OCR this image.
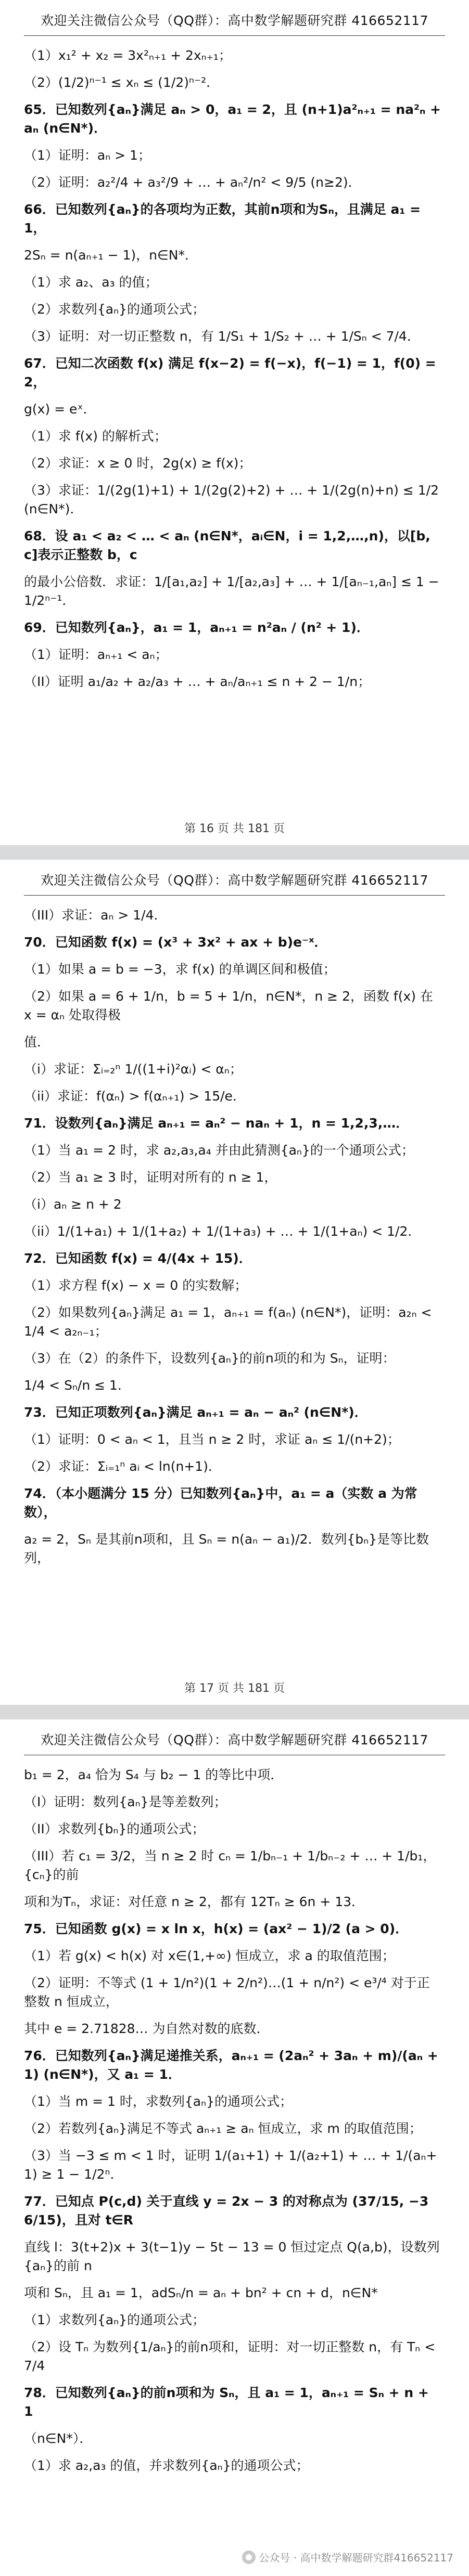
欢迎关注微信公众号（QQ群）：高中数学解题研究群 416652117
（1）x₁² + x₂ = 3x²ₙ₊₁ + 2xₙ₊₁；
（2）(1/2)ⁿ⁻¹ ≤ xₙ ≤ (1/2)ⁿ⁻²．
65．已知数列{aₙ}满足 aₙ > 0，a₁ = 2，且 (n+1)a²ₙ₊₁ = na²ₙ + aₙ (n∈N*)．
（1）证明：aₙ > 1；
（2）证明：a₂²/4 + a₃²/9 + … + aₙ²/n² < 9/5 (n≥2)．
66．已知数列{aₙ}的各项均为正数，其前n项和为Sₙ，且满足 a₁ = 1，
2Sₙ = n(aₙ₊₁ − 1)，n∈N*．
（1）求 a₂、a₃ 的值；
（2）求数列{aₙ}的通项公式；
（3）证明：对一切正整数 n，有 1/S₁ + 1/S₂ + … + 1/Sₙ < 7/4．
67．已知二次函数 f(x) 满足 f(x−2) = f(−x)，f(−1) = 1，f(0) = 2，
g(x) = eˣ．
（1）求 f(x) 的解析式；
（2）求证：x ≥ 0 时，2g(x) ≥ f(x)；
（3）求证：1/(2g(1)+1) + 1/(2g(2)+2) + … + 1/(2g(n)+n) ≤ 1/2 (n∈N*)．
68．设 a₁ < a₂ < … < aₙ (n∈N*，aᵢ∈N，i = 1,2,…,n)，以[b,c]表示正整数 b，c
的最小公倍数．求证：1/[a₁,a₂] + 1/[a₂,a₃] + … + 1/[aₙ₋₁,aₙ] ≤ 1 − 1/2ⁿ⁻¹．
69．已知数列{aₙ}，a₁ = 1，aₙ₊₁ = n²aₙ / (n² + 1)．
（1）证明：aₙ₊₁ < aₙ；
（II）证明 a₁/a₂ + a₂/a₃ + … + aₙ/aₙ₊₁ ≤ n + 2 − 1/n；
第 16 页 共 181 页
欢迎关注微信公众号（QQ群）：高中数学解题研究群 416652117
（III）求证：aₙ > 1/4．
70．已知函数 f(x) = (x³ + 3x² + ax + b)e⁻ˣ．
（1）如果 a = b = −3，求 f(x) 的单调区间和极值；
（2）如果 a = 6 + 1/n，b = 5 + 1/n，n∈N*，n ≥ 2，函数 f(x) 在 x = αₙ 处取得极
值．
（i）求证：Σᵢ₌₂ⁿ 1/((1+i)²αᵢ) < αₙ；
（ii）求证：f(αₙ) > f(αₙ₊₁) > 15/e．
71．设数列{aₙ}满足 aₙ₊₁ = aₙ² − naₙ + 1，n = 1,2,3,…．
（1）当 a₁ = 2 时，求 a₂,a₃,a₄ 并由此猜测{aₙ}的一个通项公式；
（2）当 a₁ ≥ 3 时，证明对所有的 n ≥ 1，
（i）aₙ ≥ n + 2
（ii）1/(1+a₁) + 1/(1+a₂) + 1/(1+a₃) + … + 1/(1+aₙ) < 1/2．
72．已知函数 f(x) = 4/(4x + 15)．
（1）求方程 f(x) − x = 0 的实数解；
（2）如果数列{aₙ}满足 a₁ = 1，aₙ₊₁ = f(aₙ) (n∈N*)，证明：a₂ₙ < 1/4 < a₂ₙ₋₁；
（3）在（2）的条件下，设数列{aₙ}的前n项的和为 Sₙ，证明：
1/4 < Sₙ/n ≤ 1．
73．已知正项数列{aₙ}满足 aₙ₊₁ = aₙ − aₙ² (n∈N*)．
（1）证明：0 < aₙ < 1，且当 n ≥ 2 时，求证 aₙ ≤ 1/(n+2)；
（2）求证：Σᵢ₌₁ⁿ aᵢ < ln(n+1)．
74．（本小题满分 15 分）已知数列{aₙ}中，a₁ = a（实数 a 为常数），
a₂ = 2，Sₙ 是其前n项和，且 Sₙ = n(aₙ − a₁)/2．数列{bₙ}是等比数列，
第 17 页 共 181 页
欢迎关注微信公众号（QQ群）：高中数学解题研究群 416652117
b₁ = 2，a₄ 恰为 S₄ 与 b₂ − 1 的等比中项．
（I）证明：数列{aₙ}是等差数列；
（II）求数列{bₙ}的通项公式；
（III）若 c₁ = 3/2，当 n ≥ 2 时 cₙ = 1/bₙ₋₁ + 1/bₙ₋₂ + … + 1/b₁，{cₙ}的前
项和为Tₙ，求证：对任意 n ≥ 2，都有 12Tₙ ≥ 6n + 13．
75．已知函数 g(x) = x ln x，h(x) = (ax² − 1)/2 (a > 0)．
（1）若 g(x) < h(x) 对 x∈(1,+∞) 恒成立，求 a 的取值范围；
（2）证明：不等式 (1 + 1/n²)(1 + 2/n²)…(1 + n/n²) < e³/⁴ 对于正整数 n 恒成立，
其中 e = 2.71828… 为自然对数的底数．
76．已知数列{aₙ}满足递推关系，aₙ₊₁ = (2aₙ² + 3aₙ + m)/(aₙ + 1) (n∈N*)，又 a₁ = 1．
（1）当 m = 1 时，求数列{aₙ}的通项公式；
（2）若数列{aₙ}满足不等式 aₙ₊₁ ≥ aₙ 恒成立，求 m 的取值范围；
（3）当 −3 ≤ m < 1 时，证明 1/(a₁+1) + 1/(a₂+1) + … + 1/(aₙ+1) ≥ 1 − 1/2ⁿ．
77．已知点 P(c,d) 关于直线 y = 2x − 3 的对称点为 (37/15, −36/15)，且对 t∈R
直线 l：3(t+2)x + 3(t−1)y − 5t − 13 = 0 恒过定点 Q(a,b)，设数列{aₙ}的前 n
项和 Sₙ，且 a₁ = 1，adSₙ/n = aₙ + bn² + cn + d，n∈N*
（1）求数列{aₙ}的通项公式；
（2）设 Tₙ 为数列{1/aₙ}的前n项和，证明：对一切正整数 n，有 Tₙ < 7/4
78．已知数列{aₙ}的前n项和为 Sₙ，且 a₁ = 1，aₙ₊₁ = Sₙ + n + 1
（n∈N*）．
（1）求 a₂,a₃ 的值，并求数列{aₙ}的通项公式；
公众号 · 高中数学解题研究群416652117
